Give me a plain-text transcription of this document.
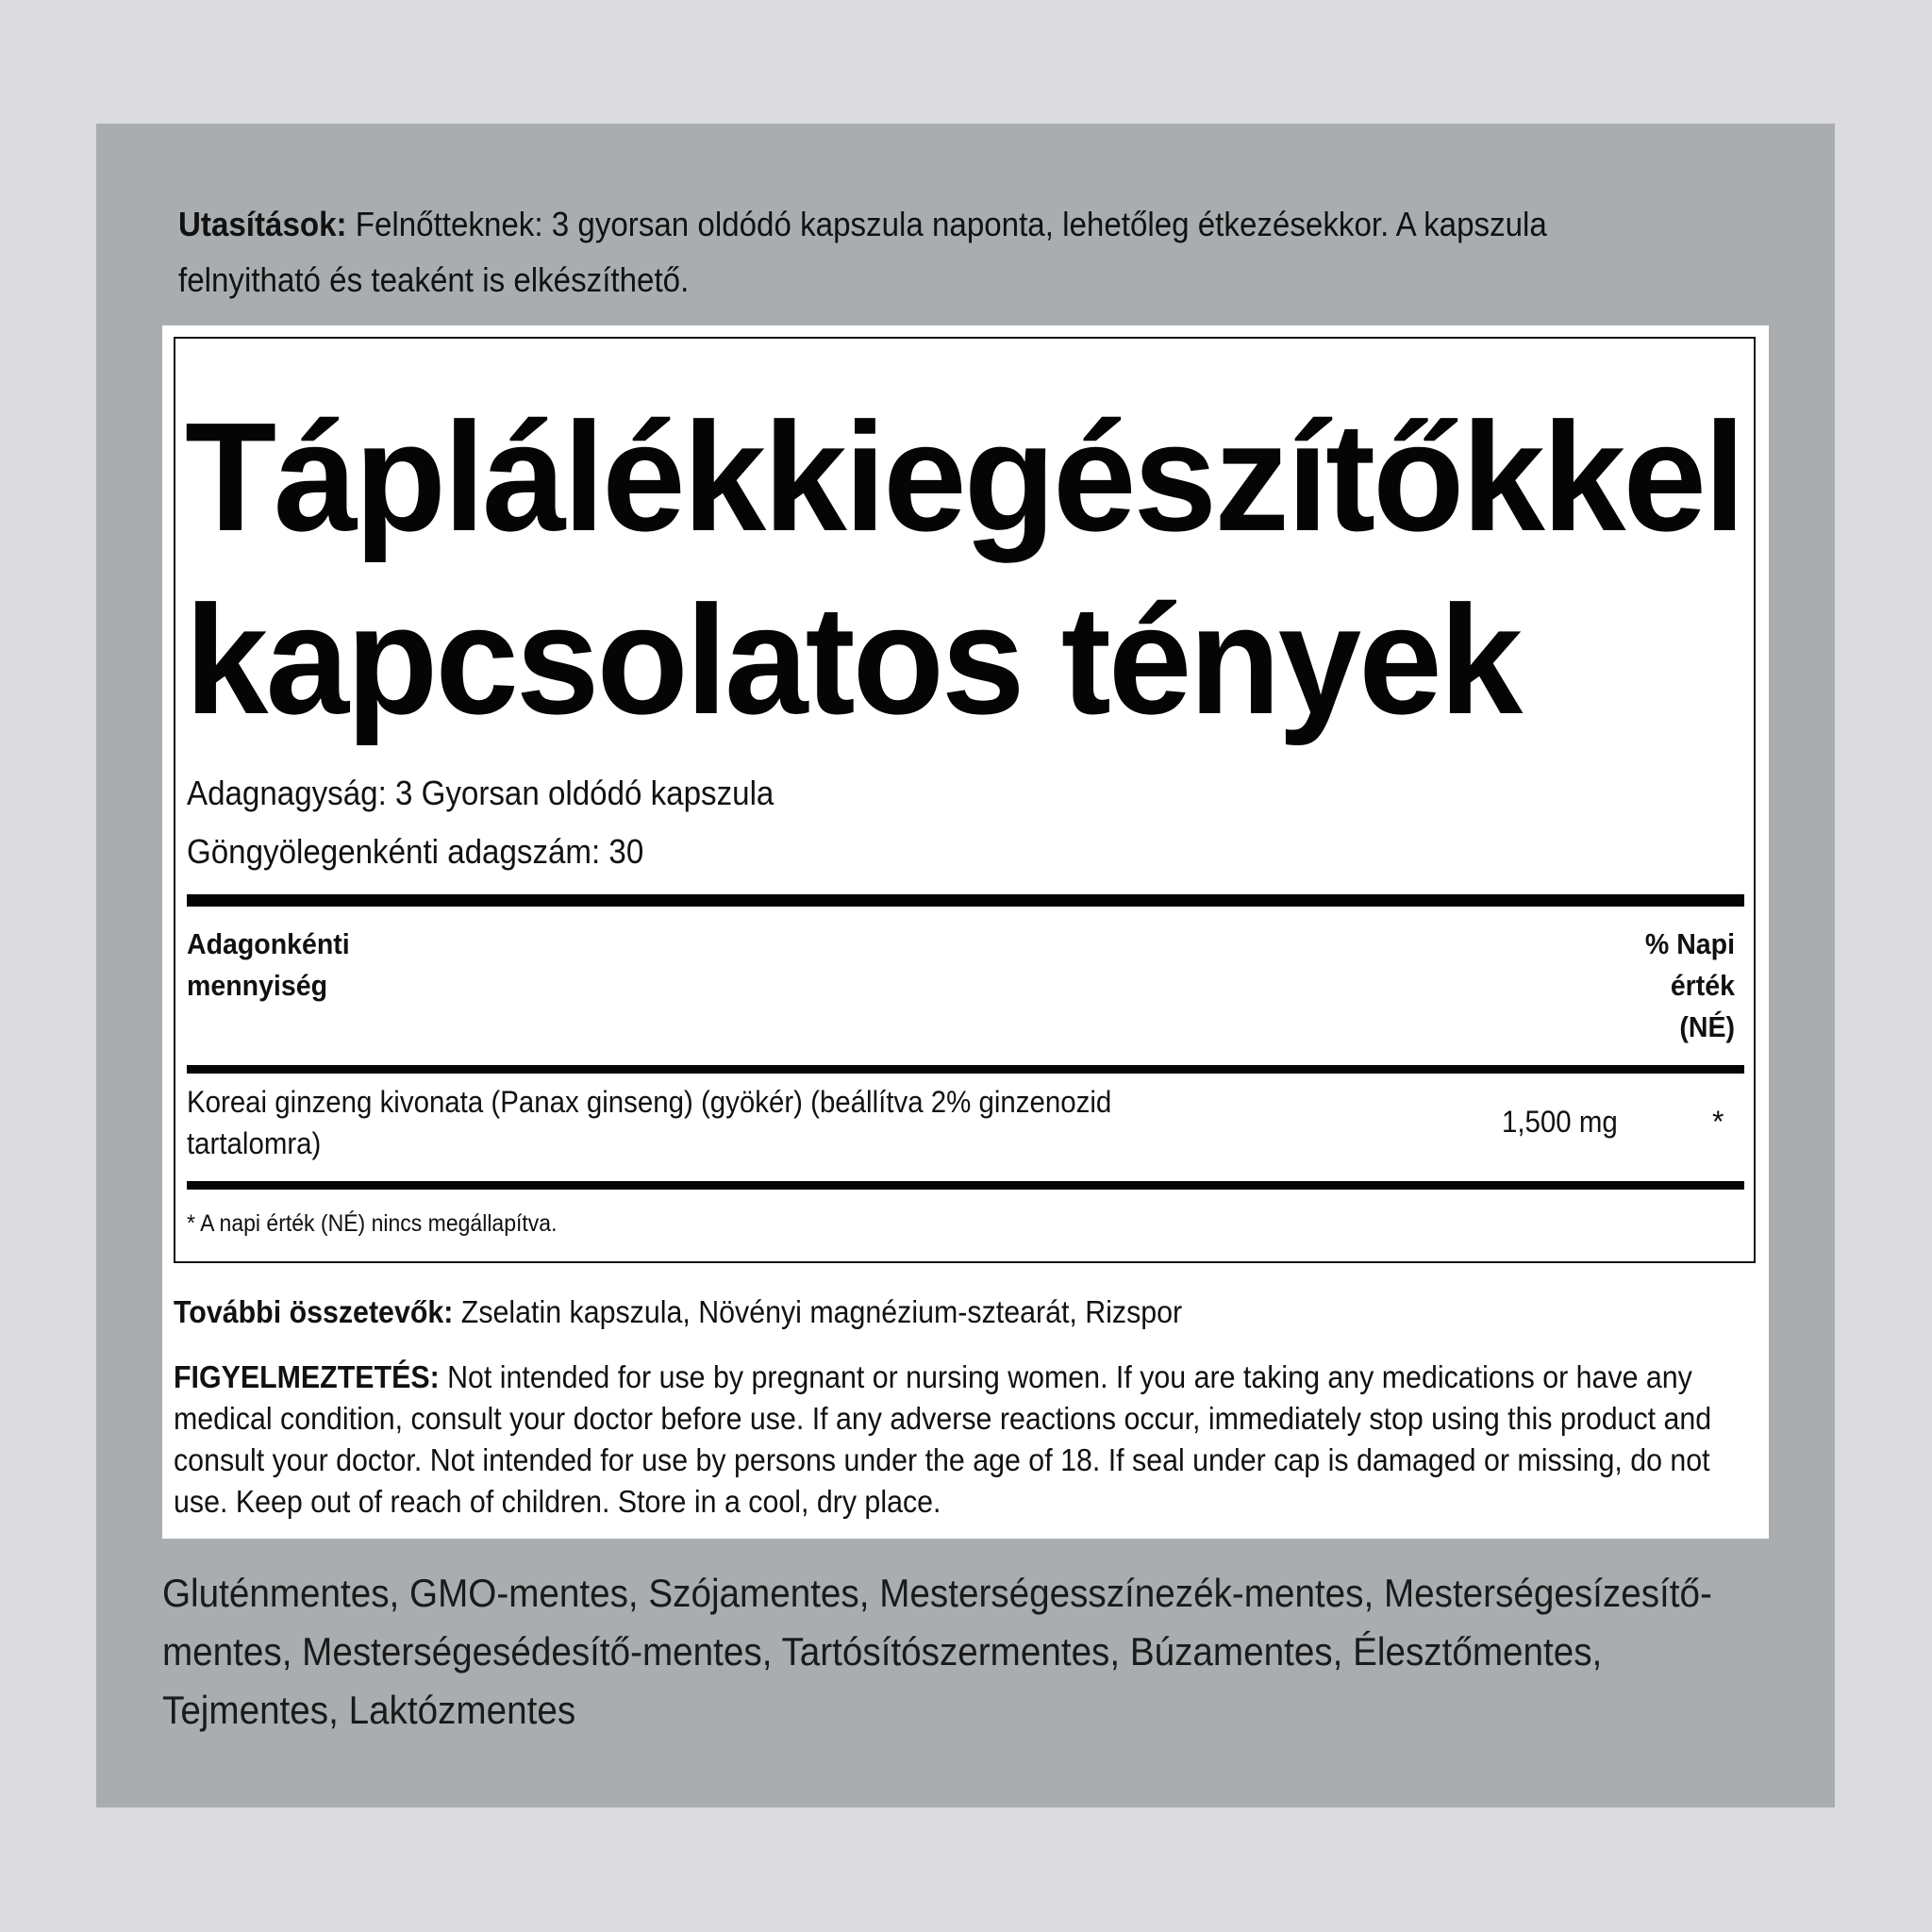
Utasítások: Felnőtteknek: 3 gyorsan oldódó kapszula naponta, lehetőleg étkezésekkor. A kapszula felnyitható és teaként is elkészíthető.
Táplálékkiegészítőkkel
kapcsolatos tények
Adagnagyság: 3 Gyorsan oldódó kapszula
Göngyölegenkénti adagszám: 30
Adagonkénti
mennyiség
% Napi
érték
(NÉ)
Koreai ginzeng kivonata (Panax ginseng) (gyökér) (beállítva 2% ginzenozid tartalomra)
1,500 mg	*
* A napi érték (NÉ) nincs megállapítva.
További összetevők: Zselatin kapszula, Növényi magnézium-sztearát, Rizspor
FIGYELMEZTETÉS: Not intended for use by pregnant or nursing women. If you are taking any medications or have any medical condition, consult your doctor before use. If any adverse reactions occur, immediately stop using this product and consult your doctor. Not intended for use by persons under the age of 18. If seal under cap is damaged or missing, do not use. Keep out of reach of children. Store in a cool, dry place.
Gluténmentes, GMO-mentes, Szójamentes, Mesterségesszínezék-mentes, Mesterségesízesítő-mentes, Mesterségesédesítő-mentes, Tartósítószermentes, Búzamentes, Élesztőmentes, Tejmentes, Laktózmentes
